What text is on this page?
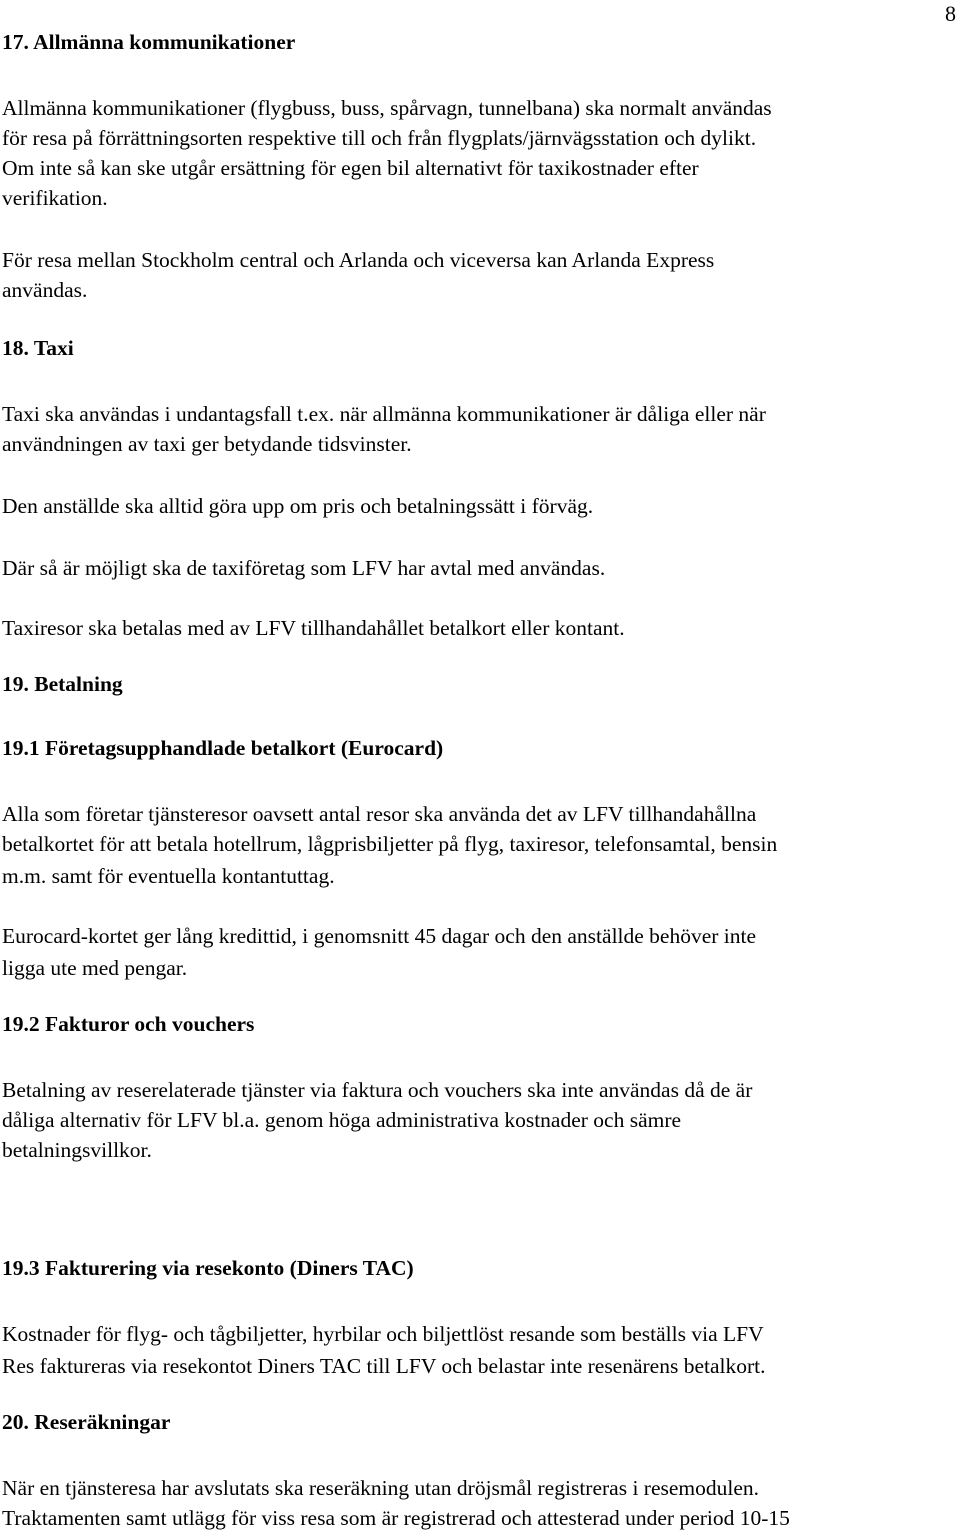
8
17. Allmänna kommunikationer
Allmänna kommunikationer (flygbuss, buss, spårvagn, tunnelbana) ska normalt användas
för resa på förrättningsorten respektive till och från flygplats/järnvägsstation och dylikt.
Om inte så kan ske utgår ersättning för egen bil alternativt för taxikostnader efter
verifikation.
För resa mellan Stockholm central och Arlanda och viceversa kan Arlanda Express
användas.
18. Taxi
Taxi ska användas i undantagsfall t.ex. när allmänna kommunikationer är dåliga eller när
användningen av taxi ger betydande tidsvinster.
Den anställde ska alltid göra upp om pris och betalningssätt i förväg.
Där så är möjligt ska de taxiföretag som LFV har avtal med användas.
Taxiresor ska betalas med av LFV tillhandahållet betalkort eller kontant.
19. Betalning
19.1 Företagsupphandlade betalkort (Eurocard)
Alla som företar tjänsteresor oavsett antal resor ska använda det av LFV tillhandahållna
betalkortet för att betala hotellrum, lågprisbiljetter på flyg, taxiresor, telefonsamtal, bensin
m.m. samt för eventuella kontantuttag.
Eurocard-kortet ger lång kredittid, i genomsnitt 45 dagar och den anställde behöver inte
ligga ute med pengar.
19.2 Fakturor och vouchers
Betalning av reserelaterade tjänster via faktura och vouchers ska inte användas då de är
dåliga alternativ för LFV bl.a. genom höga administrativa kostnader och sämre
betalningsvillkor.
19.3 Fakturering via resekonto (Diners TAC)
Kostnader för flyg- och tågbiljetter, hyrbilar och biljettlöst resande som beställs via LFV
Res faktureras via resekontot Diners TAC till LFV och belastar inte resenärens betalkort.
20. Reseräkningar
När en tjänsteresa har avslutats ska reseräkning utan dröjsmål registreras i resemodulen.
Traktamenten samt utlägg för viss resa som är registrerad och attesterad under period 10-15
